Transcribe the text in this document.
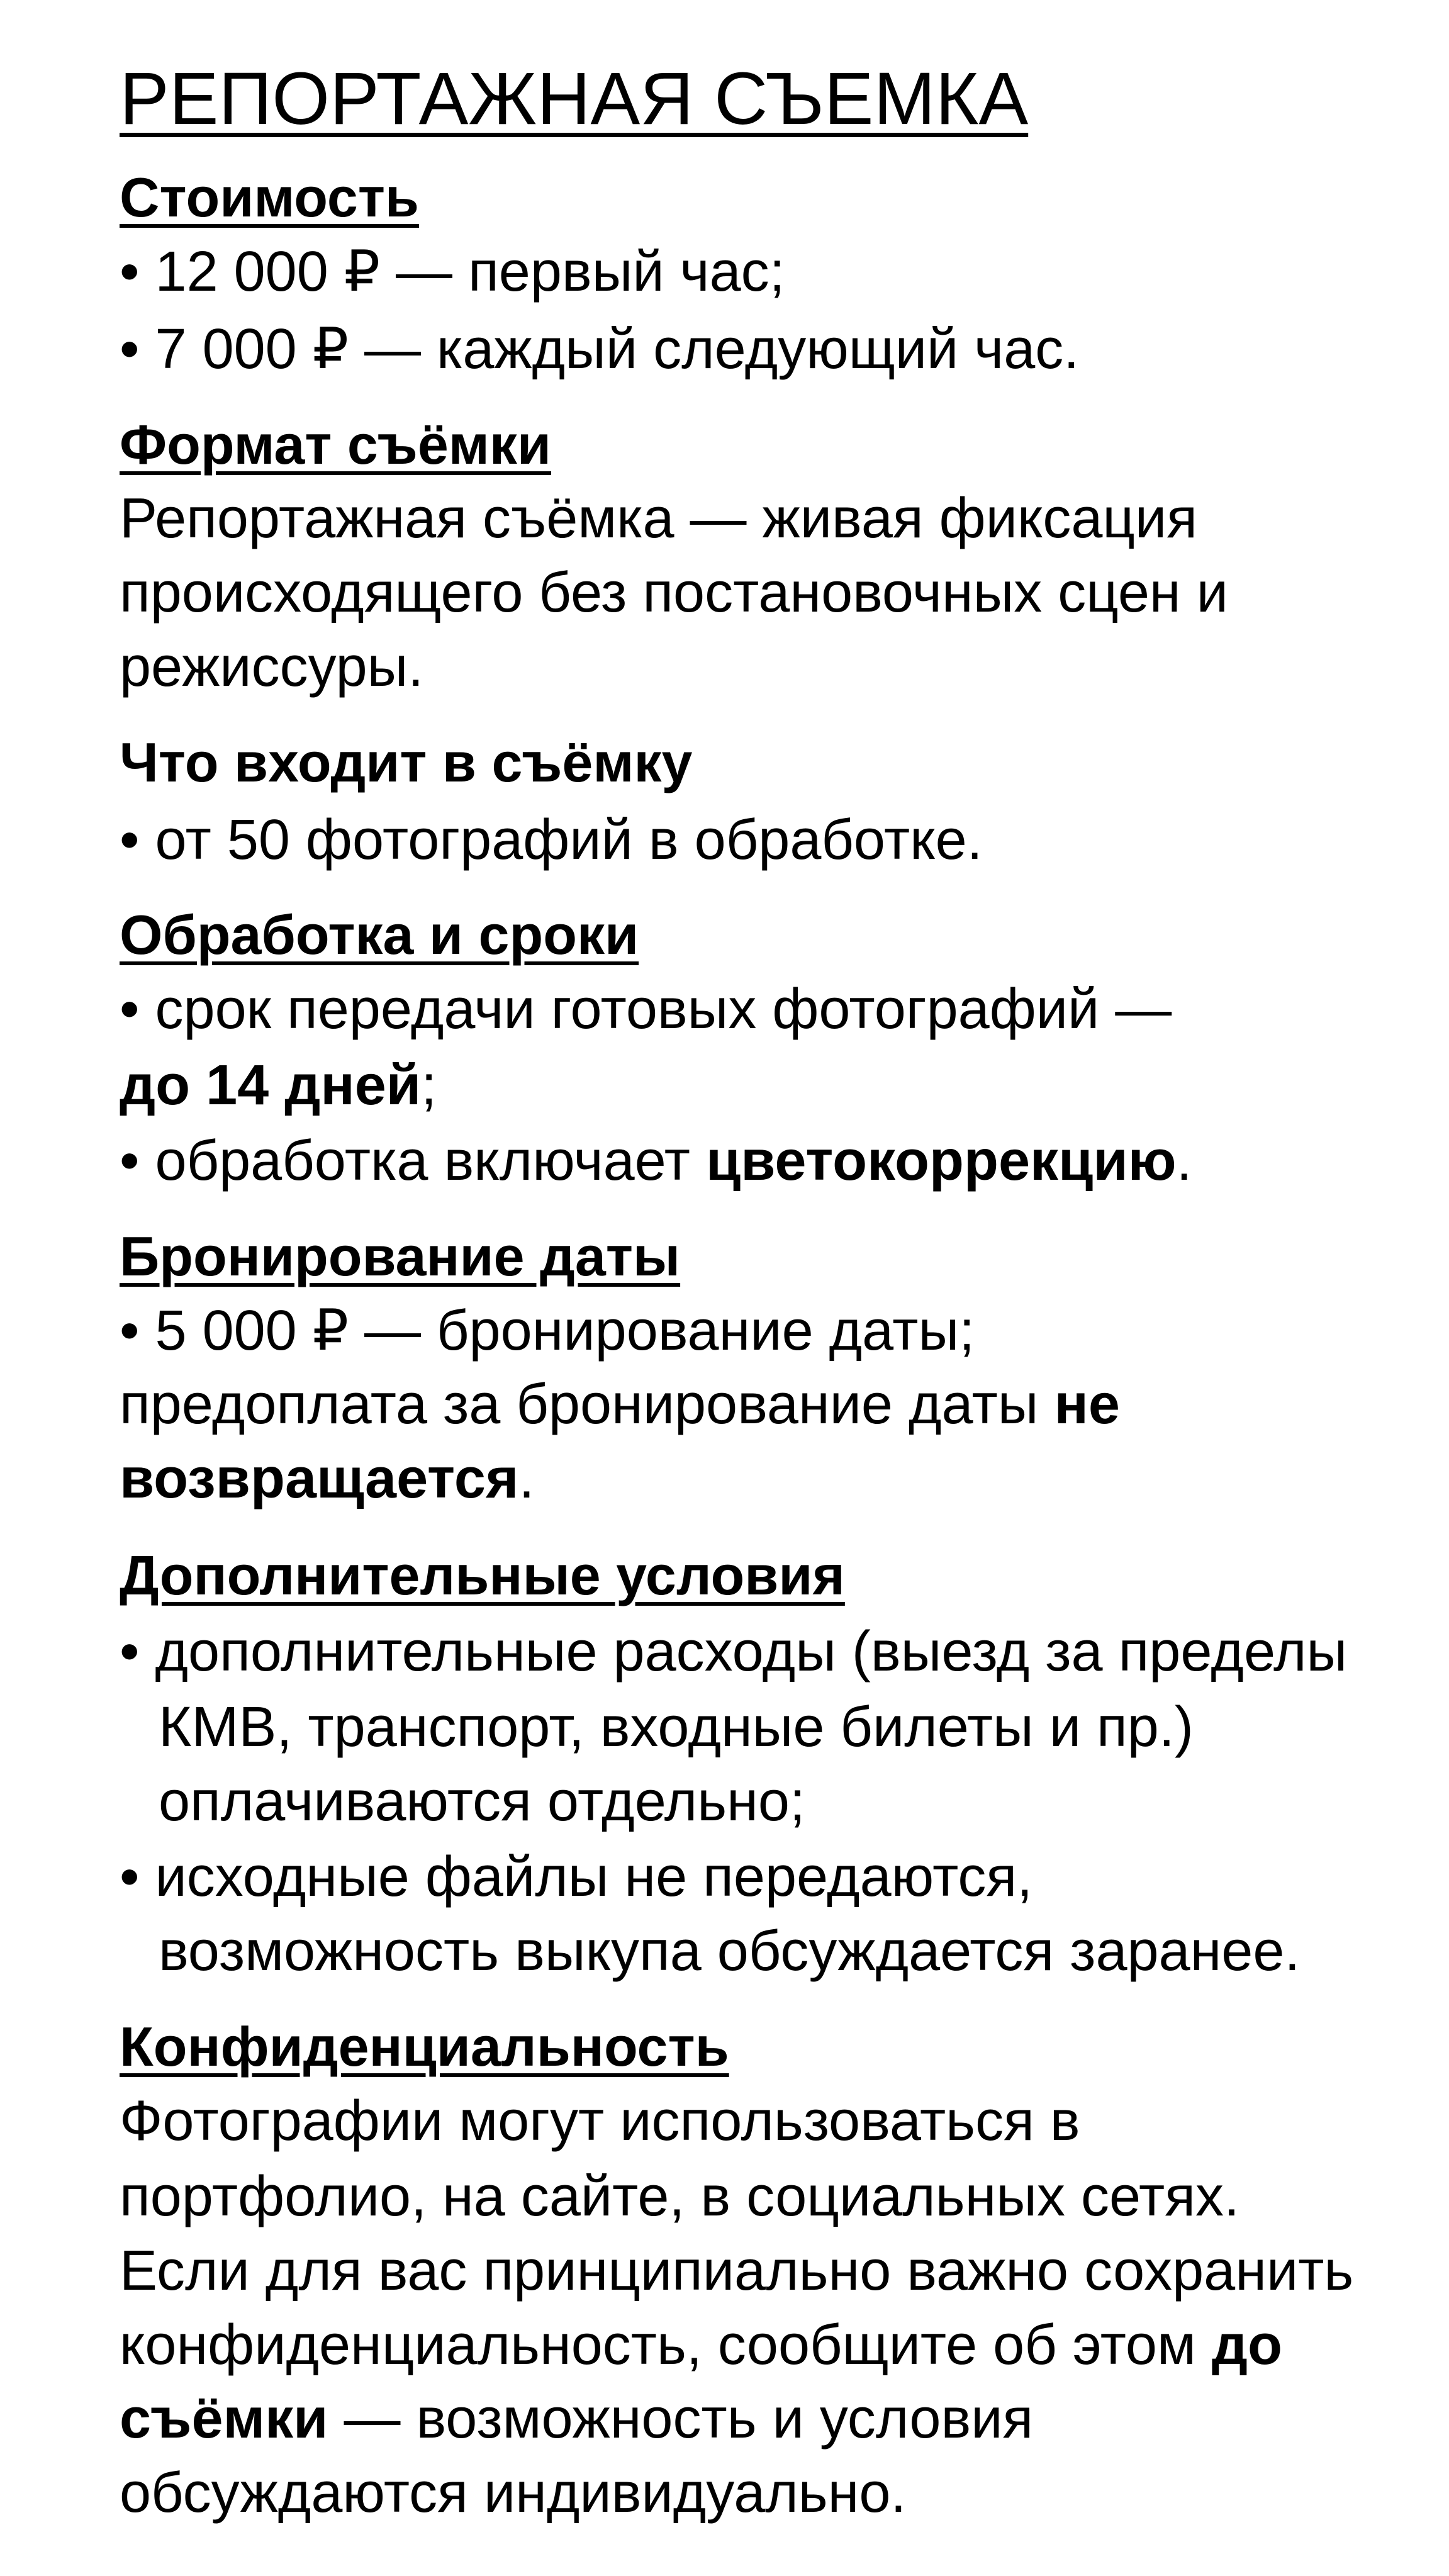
РЕПОРТАЖНАЯ СЪЕМКА
Стоимость
• 12 000 ₽ — первый час;
• 7 000 ₽ — каждый следующий час.
Формат съёмки
Репортажная съёмка — живая фиксация
происходящего без постановочных сцен и
режиссуры.
Что входит в съёмку
• от 50 фотографий в обработке.
Обработка и сроки
• срок передачи готовых фотографий —
до 14 дней;
• обработка включает цветокоррекцию.
Бронирование даты
• 5 000 ₽ — бронирование даты;
предоплата за бронирование даты не
возвращается.
Дополнительные условия
• дополнительные расходы (выезд за пределы
КМВ, транспорт, входные билеты и пр.)
оплачиваются отдельно;
• исходные файлы не передаются,
возможность выкупа обсуждается заранее.
Конфиденциальность
Фотографии могут использоваться в
портфолио, на сайте, в социальных сетях.
Если для вас принципиально важно сохранить
конфиденциальность, сообщите об этом до
съёмки — возможность и условия
обсуждаются индивидуально.
